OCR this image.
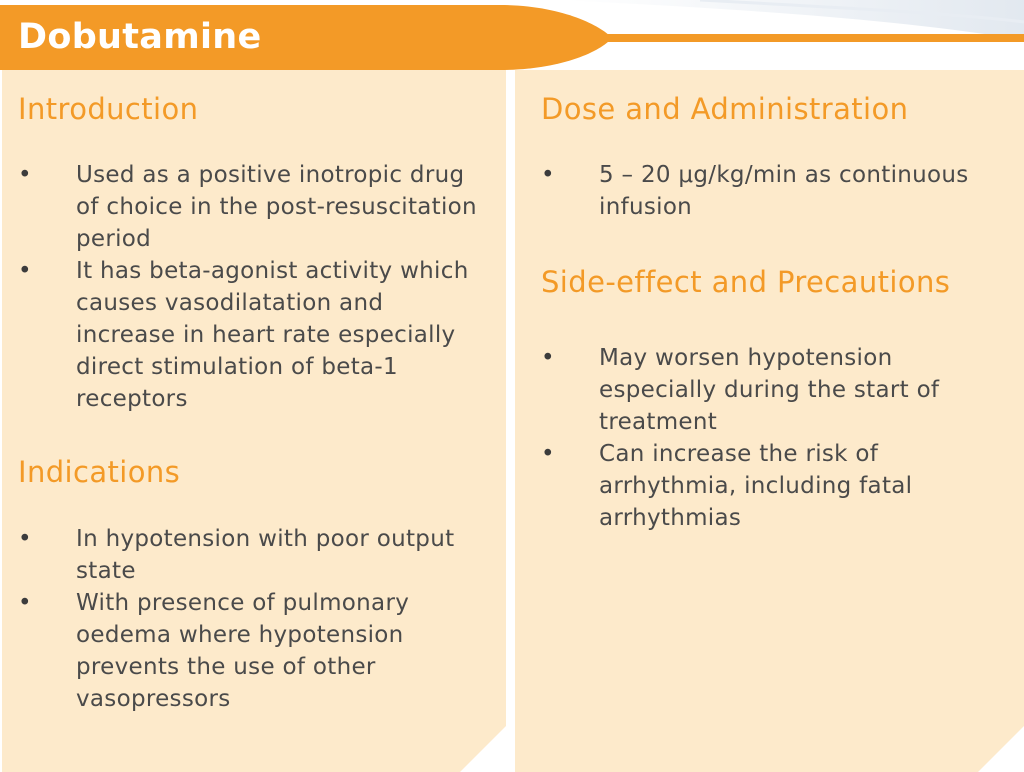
Dobutamine
Introduction
• Used as a positive inotropic drug of choice in the post-resuscitation period
• It has beta-agonist activity which causes vasodilatation and increase in heart rate especially direct stimulation of beta-1 receptors
Indications
• In hypotension with poor output state
• With presence of pulmonary oedema where hypotension prevents the use of other vasopressors
Dose and Administration
• 5 – 20 μg/kg/min as continuous infusion
Side-effect and Precautions
• May worsen hypotension especially during the start of treatment
• Can increase the risk of arrhythmia, including fatal arrhythmias
